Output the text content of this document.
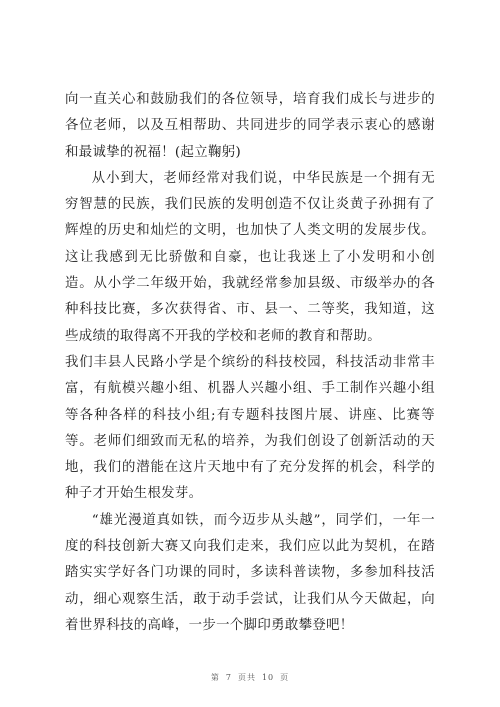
向一直关心和鼓励我们的各位领导，培育我们成长与进步的各位老师，以及互相帮助、共同进步的同学表示衷心的感谢和最诚挚的祝福！(起立鞠躬)

从小到大，老师经常对我们说，中华民族是一个拥有无穷智慧的民族，我们民族的发明创造不仅让炎黄子孙拥有了辉煌的历史和灿烂的文明，也加快了人类文明的发展步伐。这让我感到无比骄傲和自豪，也让我迷上了小发明和小创造。从小学二年级开始，我就经常参加县级、市级举办的各种科技比赛，多次获得省、市、县一、二等奖，我知道，这些成绩的取得离不开我的学校和老师的教育和帮助。

我们丰县人民路小学是个缤纷的科技校园，科技活动非常丰富，有航模兴趣小组、机器人兴趣小组、手工制作兴趣小组等各种各样的科技小组;有专题科技图片展、讲座、比赛等等。老师们细致而无私的培养，为我们创设了创新活动的天地，我们的潜能在这片天地中有了充分发挥的机会，科学的种子才开始生根发芽。

“雄光漫道真如铁，而今迈步从头越”，同学们，一年一度的科技创新大赛又向我们走来，我们应以此为契机，在踏踏实实学好各门功课的同时，多读科普读物，多参加科技活动，细心观察生活，敢于动手尝试，让我们从今天做起，向着世界科技的高峰，一步一个脚印勇敢攀登吧！

第 7 页共 10 页
